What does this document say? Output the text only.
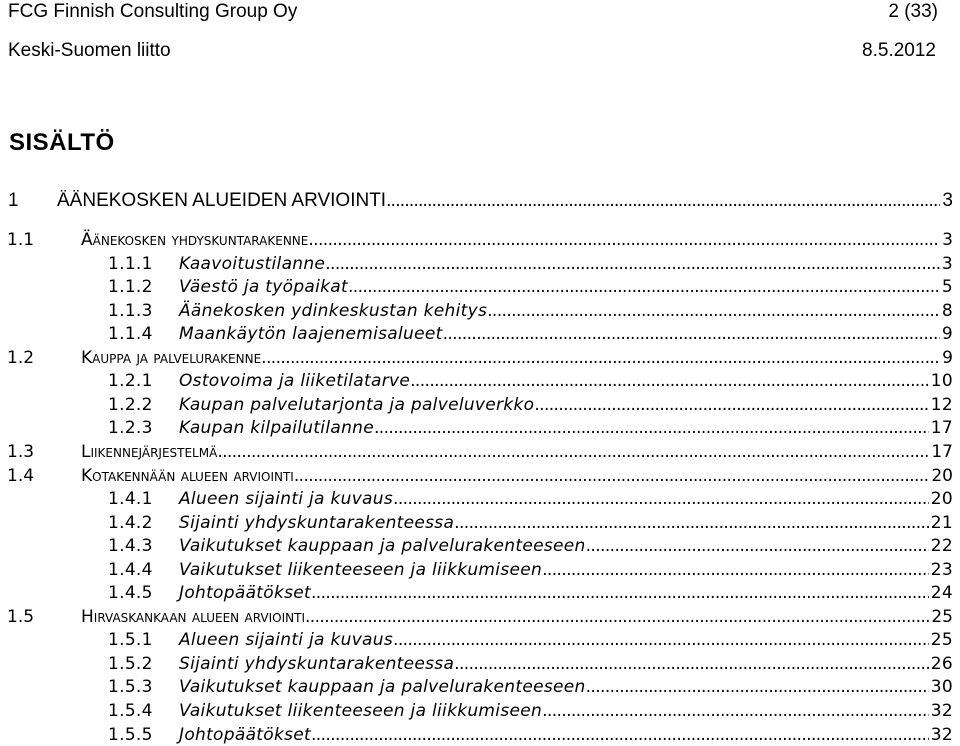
FCG Finnish Consulting Group Oy	2 (33)
Keski-Suomen liitto	8.5.2012
SISÄLTÖ
1	ÄÄNEKOSKEN ALUEIDEN ARVIOINTI . . .	3
1.1	Äänekosken yhdyskuntarakenne . . .	3
1.1.1	Kaavoitustilanne . . .	3
1.1.2	Väestö ja työpaikat . . .	5
1.1.3	Äänekosken ydinkeskustan kehitys . . .	8
1.1.4	Maankäytön laajenemisalueet . . .	9
1.2	Kauppa ja palvelurakenne . . .	9
1.2.1	Ostovoima ja liiketilatarve . . .	10
1.2.2	Kaupan palvelutarjonta ja palveluverkko . . .	12
1.2.3	Kaupan kilpailutilanne . . .	17
1.3	Liikennejärjestelmä . . .	17
1.4	Kotakennään alueen arviointi . . .	20
1.4.1	Alueen sijainti ja kuvaus . . .	20
1.4.2	Sijainti yhdyskuntarakenteessa . . .	21
1.4.3	Vaikutukset kauppaan ja palvelurakenteeseen . . .	22
1.4.4	Vaikutukset liikenteeseen ja liikkumiseen . . .	23
1.4.5	Johtopäätökset . . .	24
1.5	Hirvaskankaan alueen arviointi . . .	25
1.5.1	Alueen sijainti ja kuvaus . . .	25
1.5.2	Sijainti yhdyskuntarakenteessa . . .	26
1.5.3	Vaikutukset kauppaan ja palvelurakenteeseen . . .	30
1.5.4	Vaikutukset liikenteeseen ja liikkumiseen . . .	32
1.5.5	Johtopäätökset . . .	32
